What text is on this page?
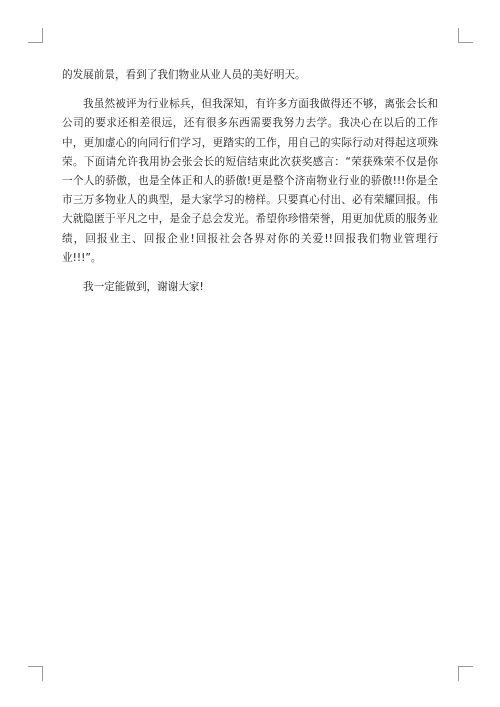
的发展前景，看到了我们物业从业人员的美好明天。

我虽然被评为行业标兵，但我深知，有许多方面我做得还不够，离张会长和公司的要求还相差很远，还有很多东西需要我努力去学。我决心在以后的工作中，更加虚心的向同行们学习，更踏实的工作，用自己的实际行动对得起这项殊荣。下面请允许我用协会张会长的短信结束此次获奖感言：“荣获殊荣不仅是你一个人的骄傲，也是全体正和人的骄傲!更是整个济南物业行业的骄傲!!!你是全市三万多物业人的典型，是大家学习的榜样。只要真心付出、必有荣耀回报。伟大就隐匿于平凡之中，是金子总会发光。希望你珍惜荣誉，用更加优质的服务业绩，回报业主、回报企业!回报社会各界对你的关爱!!回报我们物业管理行业!!!”。

我一定能做到，谢谢大家!
